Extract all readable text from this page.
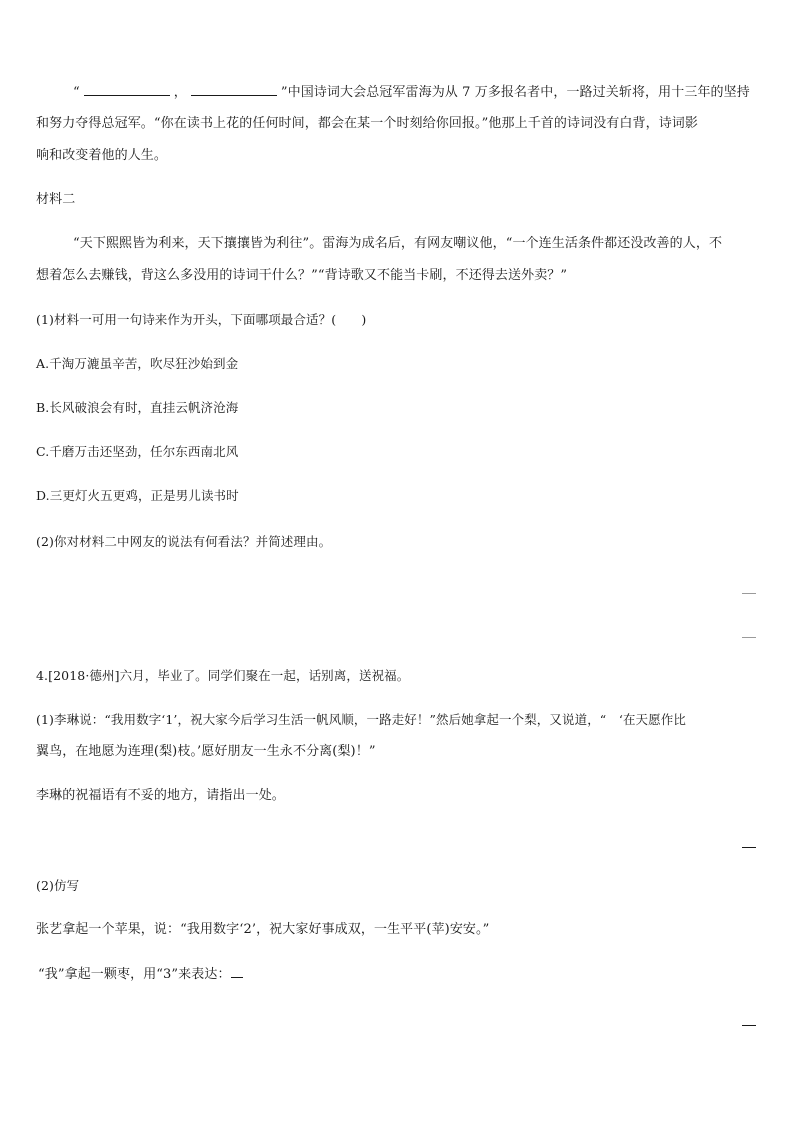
“	，	”中国诗词大会总冠军雷海为从 7 万多报名者中，一路过关斩将，用十三年的坚持
和努力夺得总冠军。“你在读书上花的任何时间，都会在某一个时刻给你回报。”他那上千首的诗词没有白背，诗词影
响和改变着他的人生。
材料二
“天下熙熙皆为利来，天下攘攘皆为利往”。雷海为成名后，有网友嘲议他，“一个连生活条件都还没改善的人，不
想着怎么去赚钱，背这么多没用的诗词干什么？”“背诗歌又不能当卡刷，不还得去送外卖？”
(1)材料一可用一句诗来作为开头，下面哪项最合适？(　　)
A.千淘万漉虽辛苦，吹尽狂沙始到金
B.长风破浪会有时，直挂云帆济沧海
C.千磨万击还坚劲，任尔东西南北风
D.三更灯火五更鸡，正是男儿读书时
(2)你对材料二中网友的说法有何看法？并简述理由。
4.[2018·德州]六月，毕业了。同学们聚在一起，话别离，送祝福。
(1)李琳说：“我用数字‘1’，祝大家今后学习生活一帆风顺，一路走好！”然后她拿起一个梨，又说道，“　‘在天愿作比
翼鸟，在地愿为连理(梨)枝。’愿好朋友一生永不分离(梨)！”
李琳的祝福语有不妥的地方，请指出一处。
(2)仿写
张艺拿起一个苹果，说：“我用数字‘2’，祝大家好事成双，一生平平(苹)安安。”
“我”拿起一颗枣，用“3”来表达：
